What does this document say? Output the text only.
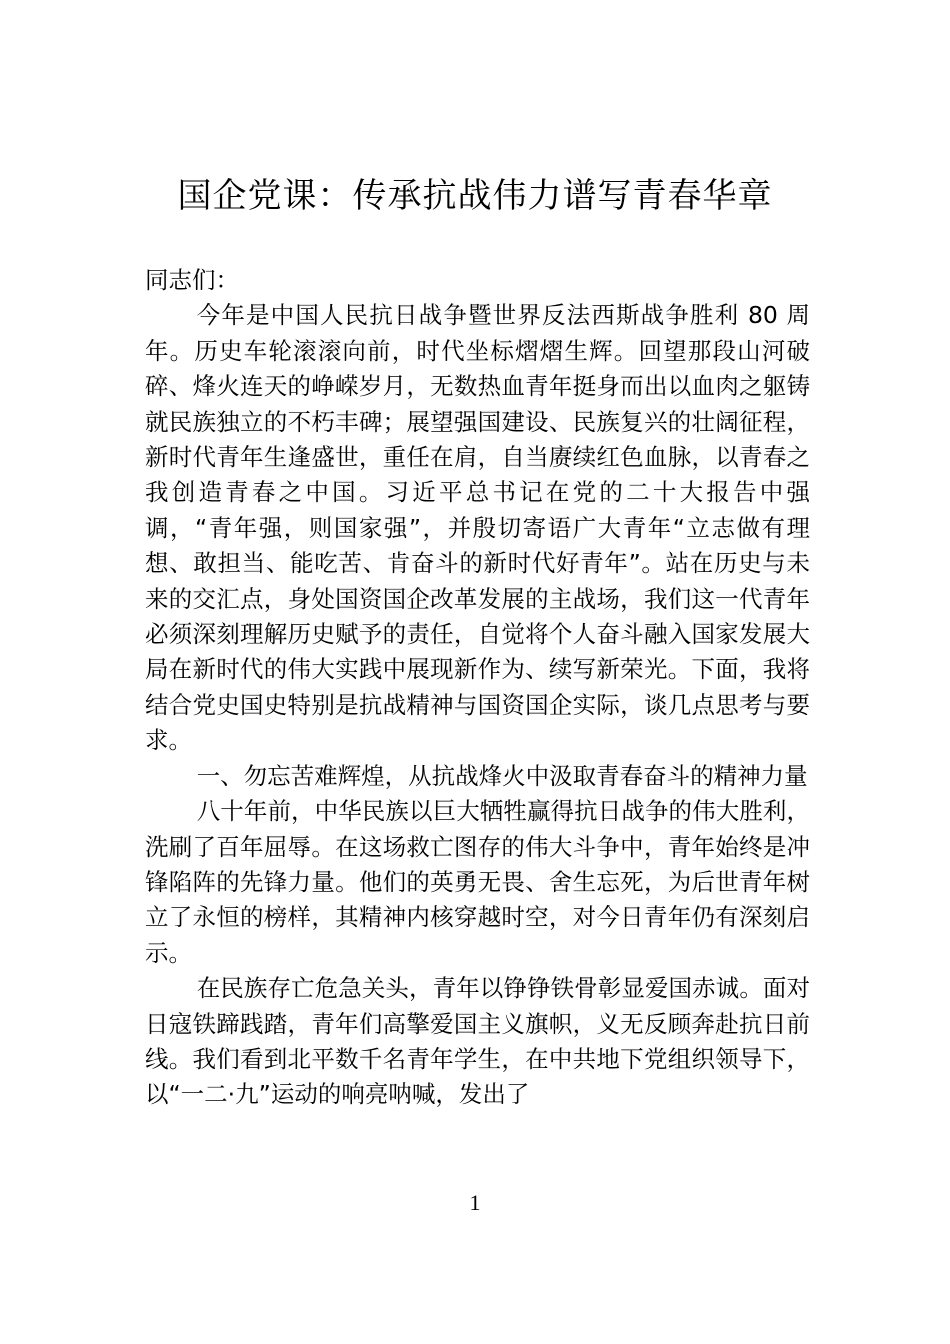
国企党课：传承抗战伟力谱写青春华章

同志们：

今年是中国人民抗日战争暨世界反法西斯战争胜利 80 周年。历史车轮滚滚向前，时代坐标熠熠生辉。回望那段山河破碎、烽火连天的峥嵘岁月，无数热血青年挺身而出以血肉之躯铸就民族独立的不朽丰碑；展望强国建设、民族复兴的壮阔征程，新时代青年生逢盛世，重任在肩，自当赓续红色血脉，以青春之我创造青春之中国。习近平总书记在党的二十大报告中强调，“青年强，则国家强”，并殷切寄语广大青年“立志做有理想、敢担当、能吃苦、肯奋斗的新时代好青年”。站在历史与未来的交汇点，身处国资国企改革发展的主战场，我们这一代青年必须深刻理解历史赋予的责任，自觉将个人奋斗融入国家发展大局在新时代的伟大实践中展现新作为、续写新荣光。下面，我将结合党史国史特别是抗战精神与国资国企实际，谈几点思考与要求。

一、勿忘苦难辉煌，从抗战烽火中汲取青春奋斗的精神力量

八十年前，中华民族以巨大牺牲赢得抗日战争的伟大胜利，洗刷了百年屈辱。在这场救亡图存的伟大斗争中，青年始终是冲锋陷阵的先锋力量。他们的英勇无畏、舍生忘死，为后世青年树立了永恒的榜样，其精神内核穿越时空，对今日青年仍有深刻启示。

在民族存亡危急关头，青年以铮铮铁骨彰显爱国赤诚。面对日寇铁蹄践踏，青年们高擎爱国主义旗帜，义无反顾奔赴抗日前线。我们看到北平数千名青年学生，在中共地下党组织领导下，以“一二·九”运动的响亮呐喊，发出了

1
